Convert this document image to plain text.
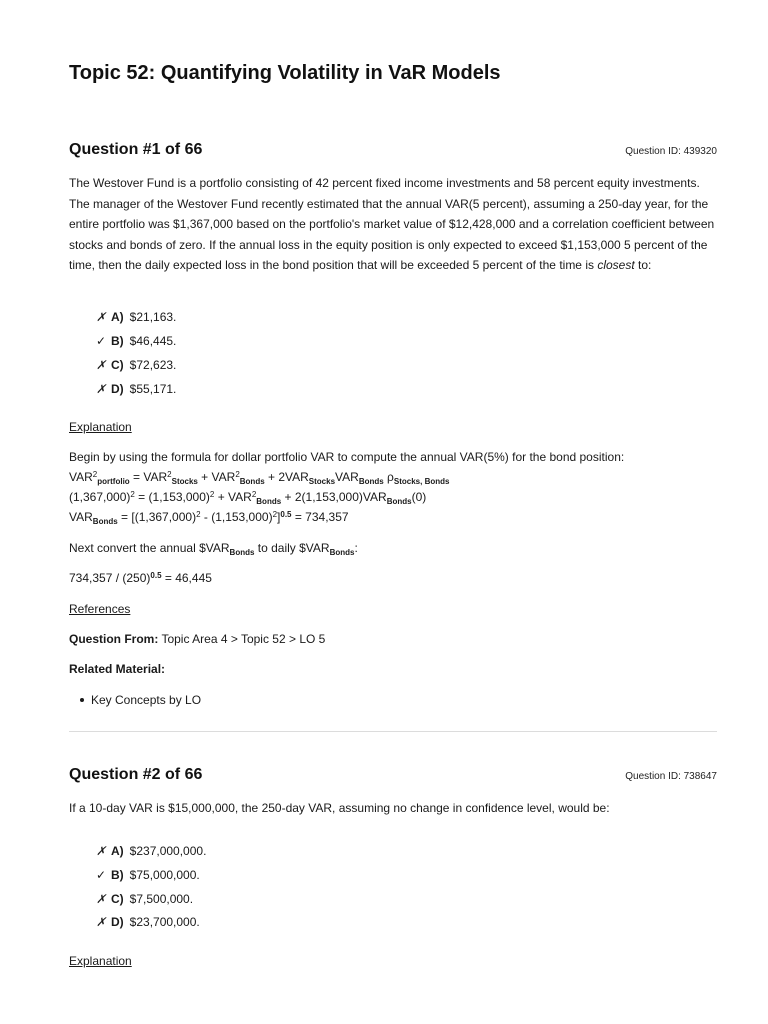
Topic 52: Quantifying Volatility in VaR Models
Question #1 of 66	Question ID: 439320

The Westover Fund is a portfolio consisting of 42 percent fixed income investments and 58 percent equity investments. The manager of the Westover Fund recently estimated that the annual VAR(5 percent), assuming a 250-day year, for the entire portfolio was $1,367,000 based on the portfolio's market value of $12,428,000 and a correlation coefficient between stocks and bonds of zero. If the annual loss in the equity position is only expected to exceed $1,153,000 5 percent of the time, then the daily expected loss in the bond position that will be exceeded 5 percent of the time is closest to:

✗ A) $21,163.
✓ B) $46,445.
✗ C) $72,623.
✗ D) $55,171.
Explanation
Begin by using the formula for dollar portfolio VAR to compute the annual VAR(5%) for the bond position:
$VAR^2_{portfolio} = VAR^2_{Stocks} + VAR^2_{Bonds} + 2VAR_{Stocks}VAR_{Bonds}$ $\rho_{Stocks, Bonds}$
$(1,367,000)^2 = (1,153,000)^2 + VAR^2_{Bonds} + 2(1,153,000)VAR_{Bonds}(0)$
$VAR_{Bonds} = [(1,367,000)^2 - (1,153,000)^2]^{0.5} = 734,357$
Next convert the annual $\$VAR_{Bonds}$ to daily $\$VAR_{Bonds}$:
$734,357 / (250)^{0.5} = 46,445$
References
Question From: Topic Area 4 > Topic 52 > LO 5
Related Material:
Key Concepts by LO
Question #2 of 66	Question ID: 738647

If a 10-day VAR is $15,000,000, the 250-day VAR, assuming no change in confidence level, would be:

✗ A) $237,000,000.
✓ B) $75,000,000.
✗ C) $7,500,000.
✗ D) $23,700,000.
Explanation
